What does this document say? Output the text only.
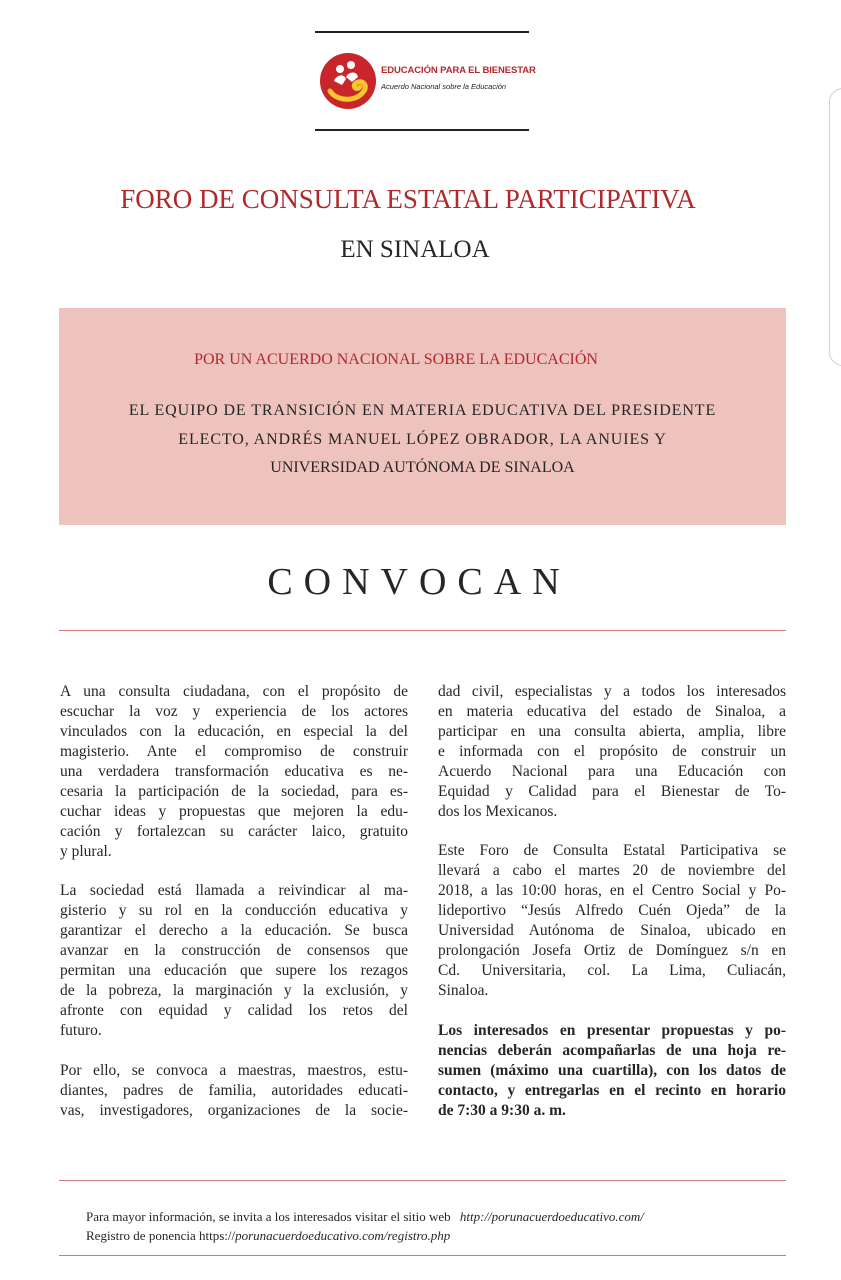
EDUCACIÓN PARA EL BIENESTAR
Acuerdo Nacional sobre la Educación
FORO DE CONSULTA ESTATAL PARTICIPATIVA
EN SINALOA
POR UN ACUERDO NACIONAL SOBRE LA EDUCACIÓN
EL EQUIPO DE TRANSICIÓN EN MATERIA EDUCATIVA DEL PRESIDENTE
ELECTO, ANDRÉS MANUEL LÓPEZ OBRADOR, LA ANUIES Y
UNIVERSIDAD AUTÓNOMA DE SINALOA
CONVOCAN
A una consulta ciudadana, con el propósito de
escuchar la voz y experiencia de los actores
vinculados con la educación, en especial la del
magisterio. Ante el compromiso de construir
una verdadera transformación educativa es ne-
cesaria la participación de la sociedad, para es-
cuchar ideas y propuestas que mejoren la edu-
cación y fortalezcan su carácter laico, gratuito
y plural.
La sociedad está llamada a reivindicar al ma-
gisterio y su rol en la conducción educativa y
garantizar el derecho a la educación. Se busca
avanzar en la construcción de consensos que
permitan una educación que supere los rezagos
de la pobreza, la marginación y la exclusión, y
afronte con equidad y calidad los retos del
futuro.
Por ello, se convoca a maestras, maestros, estu-
diantes, padres de familia, autoridades educati-
vas, investigadores, organizaciones de la socie-
dad civil, especialistas y a todos los interesados
en materia educativa del estado de Sinaloa, a
participar en una consulta abierta, amplia, libre
e informada con el propósito de construir un
Acuerdo Nacional para una Educación con
Equidad y Calidad para el Bienestar de To-
dos los Mexicanos.
Este Foro de Consulta Estatal Participativa se
llevará a cabo el martes 20 de noviembre del
2018, a las 10:00 horas, en el Centro Social y Po-
lideportivo “Jesús Alfredo Cuén Ojeda” de la
Universidad Autónoma de Sinaloa, ubicado en
prolongación Josefa Ortiz de Domínguez s/n en
Cd. Universitaria, col. La Lima, Culiacán,
Sinaloa.
Los interesados en presentar propuestas y po-
nencias deberán acompañarlas de una hoja re-
sumen (máximo una cuartilla), con los datos de
contacto, y entregarlas en el recinto en horario
de 7:30 a 9:30 a. m.
Para mayor información, se invita a los interesados visitar el sitio web http://porunacuerdoeducativo.com/
Registro de ponencia https://porunacuerdoeducativo.com/registro.php
